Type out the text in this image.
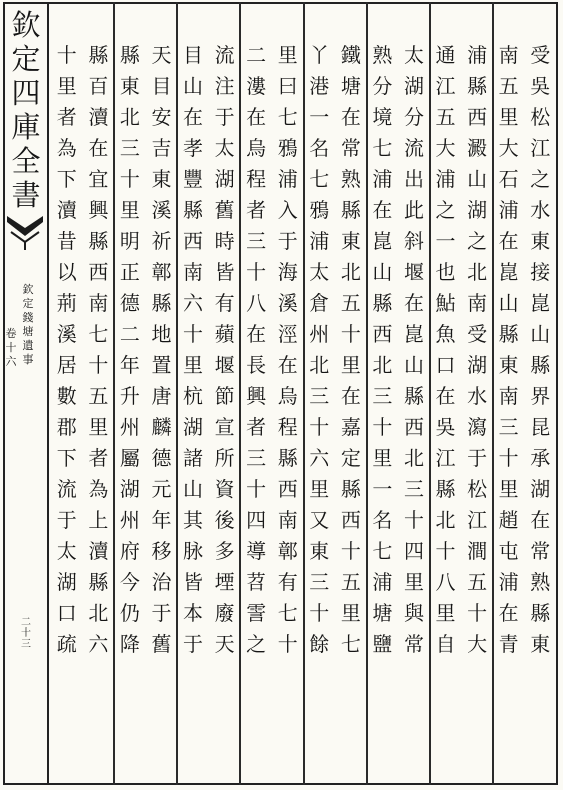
欽
定
四
庫
全
書
欽
定
錢
塘
遺
事
卷
十
六
二
十
三
受
吳
松
江
之
水
東
接
崑
山
縣
界
昆
承
湖
在
常
熟
縣
東
南
五
里
大
石
浦
在
崑
山
縣
東
南
三
十
里
趙
屯
浦
在
青
浦
縣
西
澱
山
湖
之
北
南
受
湖
水
瀉
于
松
江
澗
五
十
大
通
江
五
大
浦
之
一
也
鮎
魚
口
在
吳
江
縣
北
十
八
里
自
太
湖
分
流
出
此
斜
堰
在
崑
山
縣
西
北
三
十
四
里
與
常
熟
分
境
七
浦
在
崑
山
縣
西
北
三
十
里
一
名
七
浦
塘
鹽
鐵
塘
在
常
熟
縣
東
北
五
十
里
在
嘉
定
縣
西
十
五
里
七
丫
港
一
名
七
鴉
浦
太
倉
州
北
三
十
六
里
又
東
三
十
餘
里
曰
七
鴉
浦
入
于
海
溪
涇
在
烏
程
縣
西
南
鄣
有
七
十
二
漊
在
烏
程
者
三
十
八
在
長
興
者
三
十
四
導
苕
霅
之
流
注
于
太
湖
舊
時
皆
有
蘋
堰
節
宣
所
資
後
多
堙
廢
天
目
山
在
孝
豐
縣
西
南
六
十
里
杭
湖
諸
山
其
脉
皆
本
于
天
目
安
吉
東
溪
祈
鄣
縣
地
置
唐
麟
德
元
年
移
治
于
舊
縣
東
北
三
十
里
明
正
德
二
年
升
州
屬
湖
州
府
今
仍
降
縣
百
瀆
在
宜
興
縣
西
南
七
十
五
里
者
為
上
瀆
縣
北
六
十
里
者
為
下
瀆
昔
以
荊
溪
居
數
郡
下
流
于
太
湖
口
疏
